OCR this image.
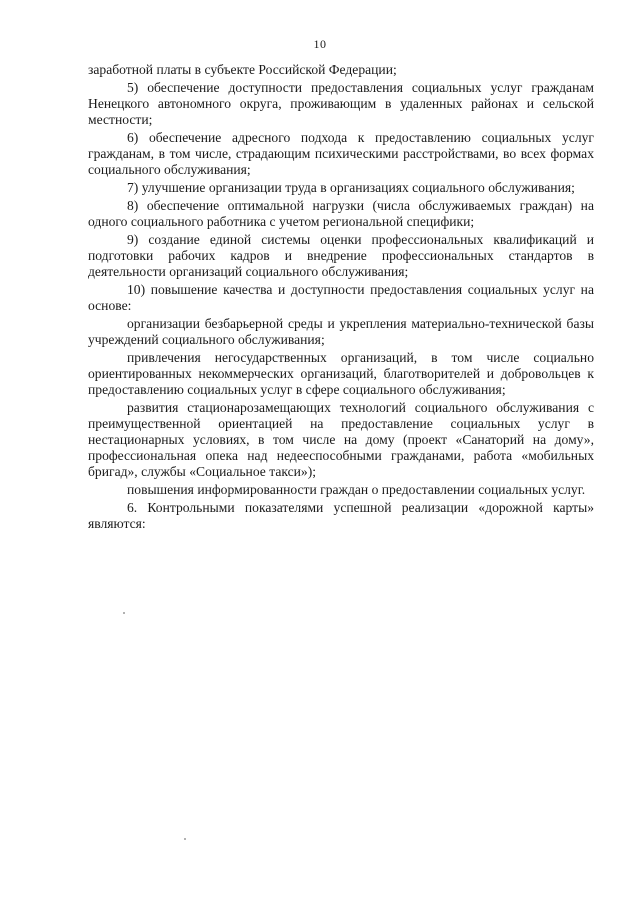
10

заработной платы в субъекте Российской Федерации;

5) обеспечение доступности предоставления социальных услуг гражданам Ненецкого автономного округа, проживающим в удаленных районах и сельской местности;

6) обеспечение адресного подхода к предоставлению социальных услуг гражданам, в том числе, страдающим психическими расстройствами, во всех формах социального обслуживания;

7) улучшение организации труда в организациях социального обслуживания;

8) обеспечение оптимальной нагрузки (числа обслуживаемых граждан) на одного социального работника с учетом региональной специфики;

9) создание единой системы оценки профессиональных квалификаций и подготовки рабочих кадров и внедрение профессиональных стандартов в деятельности организаций социального обслуживания;

10) повышение качества и доступности предоставления социальных услуг на основе:

организации безбарьерной среды и укрепления материально-технической базы учреждений социального обслуживания;

привлечения негосударственных организаций, в том числе социально ориентированных некоммерческих организаций, благотворителей и добровольцев к предоставлению социальных услуг в сфере социального обслуживания;

развития стационарозамещающих технологий социального обслуживания с преимущественной ориентацией на предоставление социальных услуг в нестационарных условиях, в том числе на дому (проект «Санаторий на дому», профессиональная опека над недееспособными гражданами, работа «мобильных бригад», службы «Социальное такси»);

повышения информированности граждан о предоставлении социальных услуг.

6. Контрольными показателями успешной реализации «дорожной карты» являются:
